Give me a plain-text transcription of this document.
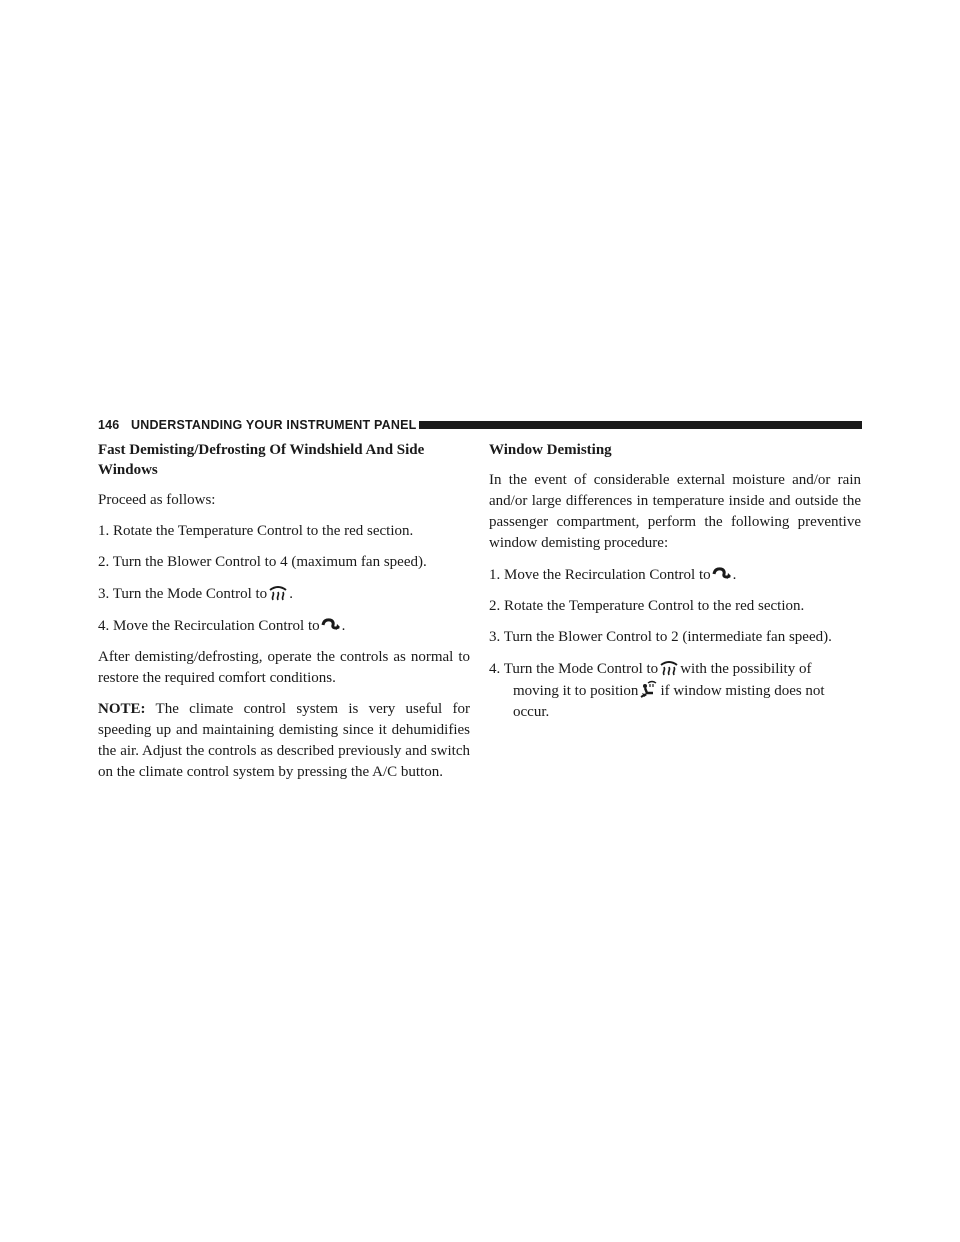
146 UNDERSTANDING YOUR INSTRUMENT PANEL
Fast Demisting/Defrosting Of Windshield And Side Windows

Proceed as follows:

1. Rotate the Temperature Control to the red section.

2. Turn the Blower Control to 4 (maximum fan speed).

3. Turn the Mode Control to .

4. Move the Recirculation Control to .

After demisting/defrosting, operate the controls as normal to restore the required comfort conditions.

NOTE: The climate control system is very useful for speeding up and maintaining demisting since it dehumidifies the air. Adjust the controls as described previously and switch on the climate control system by pressing the A/C button.

Window Demisting

In the event of considerable external moisture and/or rain and/or large differences in temperature inside and outside the passenger compartment, perform the following preventive window demisting procedure:

1. Move the Recirculation Control to .

2. Rotate the Temperature Control to the red section.

3. Turn the Blower Control to 2 (intermediate fan speed).

4. Turn the Mode Control to with the possibility of moving it to position if window misting does not occur.
